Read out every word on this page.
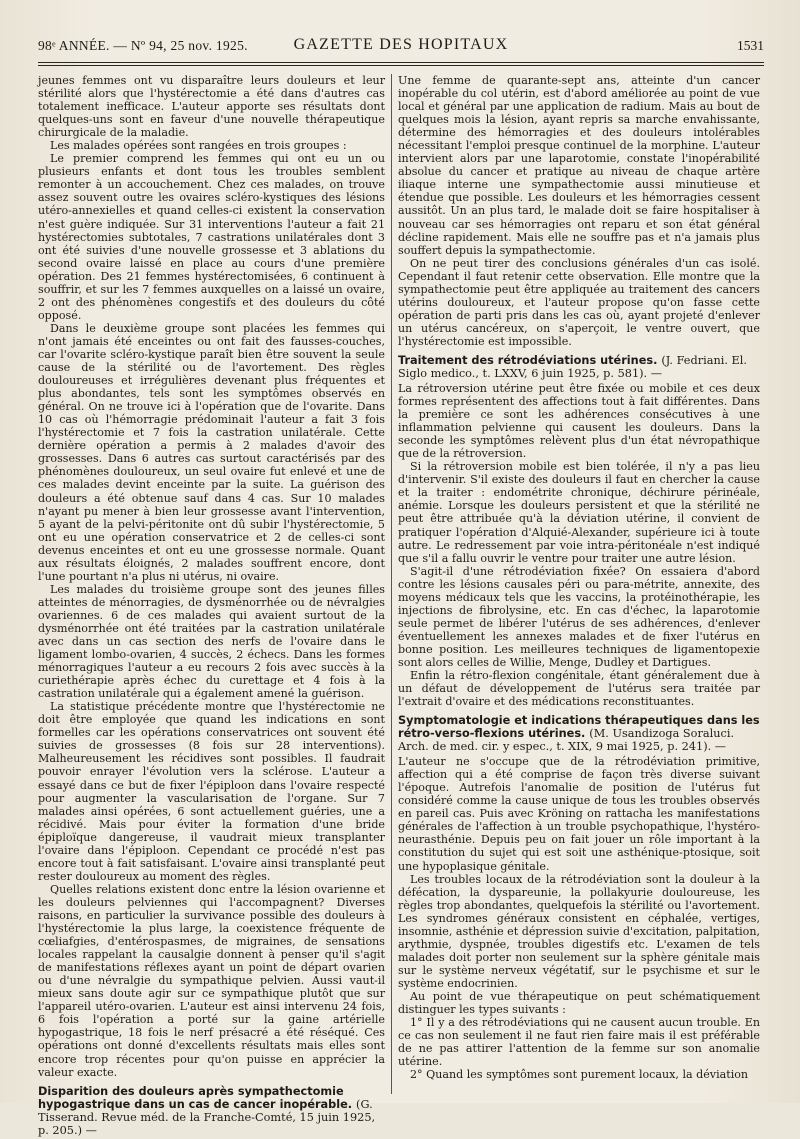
98ᵉ ANNÉE. — Nº 94, 25 nov. 1925.	GAZETTE DES HOPITAUX	1531

jeunes femmes ont vu disparaître leurs douleurs et leur stérilité alors que l'hystérectomie a été dans d'autres cas totalement inefficace. L'auteur apporte ses résultats dont quelques-uns sont en faveur d'une nouvelle thérapeutique chirurgicale de la maladie.

Les malades opérées sont rangées en trois groupes :

Le premier comprend les femmes qui ont eu un ou plusieurs enfants et dont tous les troubles semblent remonter à un accouchement. Chez ces malades, on trouve assez souvent outre les ovaires scléro-kystiques des lésions utéro-annexielles et quand celles-ci existent la conservation n'est guère indiquée. Sur 31 interventions l'auteur a fait 21 hystérectomies subtotales, 7 castrations unilatérales dont 3 ont été suivies d'une nouvelle grossesse et 3 ablations du second ovaire laissé en place au cours d'une première opération. Des 21 femmes hystérectomisées, 6 continuent à souffrir, et sur les 7 femmes auxquelles on a laissé un ovaire, 2 ont des phénomènes congestifs et des douleurs du côté opposé.

Dans le deuxième groupe sont placées les femmes qui n'ont jamais été enceintes ou ont fait des fausses-couches, car l'ovarite scléro-kystique paraît bien être souvent la seule cause de la stérilité ou de l'avortement. Des règles douloureuses et irrégulières devenant plus fréquentes et plus abondantes, tels sont les symptômes observés en général. On ne trouve ici à l'opération que de l'ovarite. Dans 10 cas où l'hémorragie prédominait l'auteur a fait 3 fois l'hystérectomie et 7 fois la castration unilatérale. Cette dernière opération a permis à 2 malades d'avoir des grossesses. Dans 6 autres cas surtout caractérisés par des phénomènes douloureux, un seul ovaire fut enlevé et une de ces malades devint enceinte par la suite. La guérison des douleurs a été obtenue sauf dans 4 cas. Sur 10 malades n'ayant pu mener à bien leur grossesse avant l'intervention, 5 ayant de la pelvi-péritonite ont dû subir l'hystérectomie, 5 ont eu une opération conservatrice et 2 de celles-ci sont devenus enceintes et ont eu une grossesse normale. Quant aux résultats éloignés, 2 malades souffrent encore, dont l'une pourtant n'a plus ni utérus, ni ovaire.

Les malades du troisième groupe sont des jeunes filles atteintes de ménorragies, de dysménorrhée ou de névralgies ovariennes. 6 de ces malades qui avaient surtout de la dysménorrhée ont été traitées par la castration unilatérale avec dans un cas section des nerfs de l'ovaire dans le ligament lombo-ovarien, 4 succès, 2 échecs. Dans les formes ménorragiques l'auteur a eu recours 2 fois avec succès à la curiethérapie après échec du curettage et 4 fois à la castration unilatérale qui a également amené la guérison.

La statistique précédente montre que l'hystérectomie ne doit être employée que quand les indications en sont formelles car les opérations conservatrices ont souvent été suivies de grossesses (8 fois sur 28 interventions). Malheureusement les récidives sont possibles. Il faudrait pouvoir enrayer l'évolution vers la sclérose. L'auteur a essayé dans ce but de fixer l'épiploon dans l'ovaire respecté pour augmenter la vascularisation de l'organe. Sur 7 malades ainsi opérées, 6 sont actuellement guéries, une a récidivé. Mais pour éviter la formation d'une bride épiploïque dangereuse, il vaudrait mieux transplanter l'ovaire dans l'épiploon. Cependant ce procédé n'est pas encore tout à fait satisfaisant. L'ovaire ainsi transplanté peut rester douloureux au moment des règles.

Quelles relations existent donc entre la lésion ovarienne et les douleurs pelviennes qui l'accompagnent? Diverses raisons, en particulier la survivance possible des douleurs à l'hystérectomie la plus large, la coexistence fréquente de cœliafgies, d'entérospasmes, de migraines, de sensations locales rappelant la causalgie donnent à penser qu'il s'agit de manifestations réflexes ayant un point de départ ovarien ou d'une névralgie du sympathique pelvien. Aussi vaut-il mieux sans doute agir sur ce sympathique plutôt que sur l'appareil utéro-ovarien. L'auteur est ainsi intervenu 24 fois, 6 fois l'opération a porté sur la gaine artérielle hypogastrique, 18 fois le nerf présacré a été réséqué. Ces opérations ont donné d'excellents résultats mais elles sont encore trop récentes pour qu'on puisse en apprécier la valeur exacte.

Disparition des douleurs après sympathectomie hypogastrique dans un cas de cancer inopérable. (G. Tisserand. Revue méd. de la Franche-Comté, 15 juin 1925, p. 205.) —

Une femme de quarante-sept ans, atteinte d'un cancer inopérable du col utérin, est d'abord améliorée au point de vue local et général par une application de radium. Mais au bout de quelques mois la lésion, ayant repris sa marche envahissante, détermine des hémorragies et des douleurs intolérables nécessitant l'emploi presque continuel de la morphine. L'auteur intervient alors par une laparotomie, constate l'inopérabilité absolue du cancer et pratique au niveau de chaque artère iliaque interne une sympathectomie aussi minutieuse et étendue que possible. Les douleurs et les hémorragies cessent aussitôt. Un an plus tard, le malade doit se faire hospitaliser à nouveau car ses hémorragies ont reparu et son état général décline rapidement. Mais elle ne souffre pas et n'a jamais plus souffert depuis la sympathectomie.

On ne peut tirer des conclusions générales d'un cas isolé. Cependant il faut retenir cette observation. Elle montre que la sympathectomie peut être appliquée au traitement des cancers utérins douloureux, et l'auteur propose qu'on fasse cette opération de parti pris dans les cas où, ayant projeté d'enlever un utérus cancéreux, on s'aperçoit, le ventre ouvert, que l'hystérectomie est impossible.

Traitement des rétrodéviations utérines. (J. Fedriani. El. Siglo medico., t. LXXV, 6 juin 1925, p. 581). —

La rétroversion utérine peut être fixée ou mobile et ces deux formes représentent des affections tout à fait différentes. Dans la première ce sont les adhérences consécutives à une inflammation pelvienne qui causent les douleurs. Dans la seconde les symptômes relèvent plus d'un état névropathique que de la rétroversion.

Si la rétroversion mobile est bien tolérée, il n'y a pas lieu d'intervenir. S'il existe des douleurs il faut en chercher la cause et la traiter : endométrite chronique, déchirure périnéale, anémie. Lorsque les douleurs persistent et que la stérilité ne peut être attribuée qu'à la déviation utérine, il convient de pratiquer l'opération d'Alquié-Alexander, supérieure ici à toute autre. Le redressement par voie intra-péritonéale n'est indiqué que s'il a fallu ouvrir le ventre pour traiter une autre lésion.

S'agit-il d'une rétrodéviation fixée? On essaiera d'abord contre les lésions causales péri ou para-métrite, annexite, des moyens médicaux tels que les vaccins, la protéinothérapie, les injections de fibrolysine, etc. En cas d'échec, la laparotomie seule permet de libérer l'utérus de ses adhérences, d'enlever éventuellement les annexes malades et de fixer l'utérus en bonne position. Les meilleures techniques de ligamentopexie sont alors celles de Willie, Menge, Dudley et Dartigues.

Enfin la rétro-flexion congénitale, étant généralement due à un défaut de développement de l'utérus sera traitée par l'extrait d'ovaire et des médications reconstituantes.

Symptomatologie et indications thérapeutiques dans les rétro-verso-flexions utérines. (M. Usandizoga Soraluci. Arch. de med. cir. y espec., t. XIX, 9 mai 1925, p. 241). —

L'auteur ne s'occupe que de la rétrodéviation primitive, affection qui a été comprise de façon très diverse suivant l'époque. Autrefois l'anomalie de position de l'utérus fut considéré comme la cause unique de tous les troubles observés en pareil cas. Puis avec Kröning on rattacha les manifestations générales de l'affection à un trouble psychopathique, l'hystéro-neurasthénie. Depuis peu on fait jouer un rôle important à la constitution du sujet qui est soit une asthénique-ptosique, soit une hypoplasique génitale.

Les troubles locaux de la rétrodéviation sont la douleur à la défécation, la dyspareunie, la pollakyurie douloureuse, les règles trop abondantes, quelquefois la stérilité ou l'avortement. Les syndromes généraux consistent en céphalée, vertiges, insomnie, asthénie et dépression suivie d'excitation, palpitation, arythmie, dyspnée, troubles digestifs etc. L'examen de tels malades doit porter non seulement sur la sphère génitale mais sur le système nerveux végétatif, sur le psychisme et sur le système endocrinien.

Au point de vue thérapeutique on peut schématiquement distinguer les types suivants :

1° Il y a des rétrodéviations qui ne causent aucun trouble. En ce cas non seulement il ne faut rien faire mais il est préférable de ne pas attirer l'attention de la femme sur son anomalie utérine.

2° Quand les symptômes sont purement locaux, la déviation
